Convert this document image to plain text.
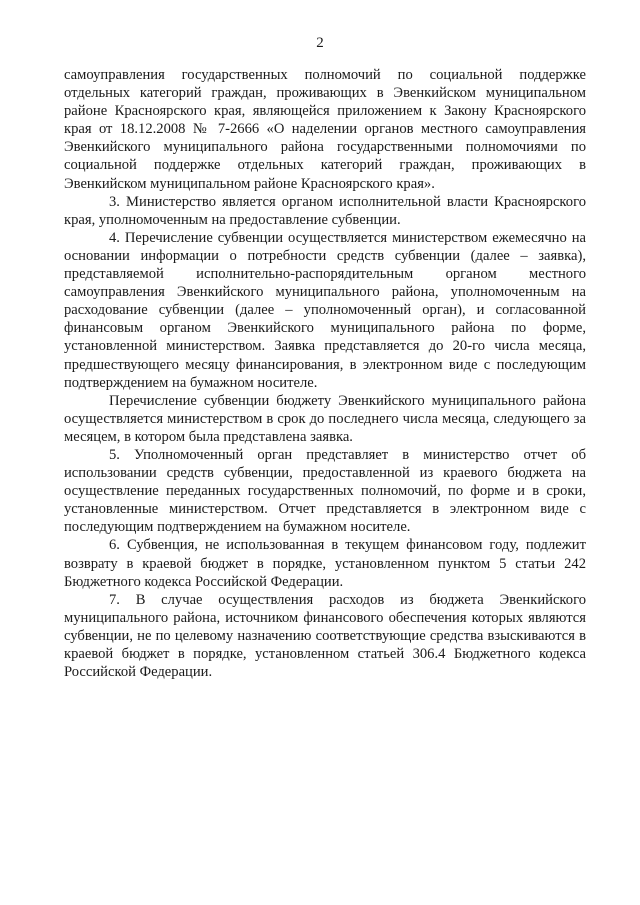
2

самоуправления государственных полномочий по социальной поддержке отдельных категорий граждан, проживающих в Эвенкийском муниципальном районе Красноярского края, являющейся приложением к Закону Красноярского края от 18.12.2008 № 7-2666 «О наделении органов местного самоуправления Эвенкийского муниципального района государственными полномочиями по социальной поддержке отдельных категорий граждан, проживающих в Эвенкийском муниципальном районе Красноярского края».

3. Министерство является органом исполнительной власти Красноярского края, уполномоченным на предоставление субвенции.

4. Перечисление субвенции осуществляется министерством ежемесячно на основании информации о потребности средств субвенции (далее – заявка), представляемой исполнительно-распорядительным органом местного самоуправления Эвенкийского муниципального района, уполномоченным на расходование субвенции (далее – уполномоченный орган), и согласованной финансовым органом Эвенкийского муниципального района по форме, установленной министерством. Заявка представляется до 20-го числа месяца, предшествующего месяцу финансирования, в электронном виде с последующим подтверждением на бумажном носителе.

Перечисление субвенции бюджету Эвенкийского муниципального района осуществляется министерством в срок до последнего числа месяца, следующего за месяцем, в котором была представлена заявка.

5. Уполномоченный орган представляет в министерство отчет об использовании средств субвенции, предоставленной из краевого бюджета на осуществление переданных государственных полномочий, по форме и в сроки, установленные министерством. Отчет представляется в электронном виде с последующим подтверждением на бумажном носителе.

6. Субвенция, не использованная в текущем финансовом году, подлежит возврату в краевой бюджет в порядке, установленном пунктом 5 статьи 242 Бюджетного кодекса Российской Федерации.

7. В случае осуществления расходов из бюджета Эвенкийского муниципального района, источником финансового обеспечения которых являются субвенции, не по целевому назначению соответствующие средства взыскиваются в краевой бюджет в порядке, установленном статьей 306.4 Бюджетного кодекса Российской Федерации.
